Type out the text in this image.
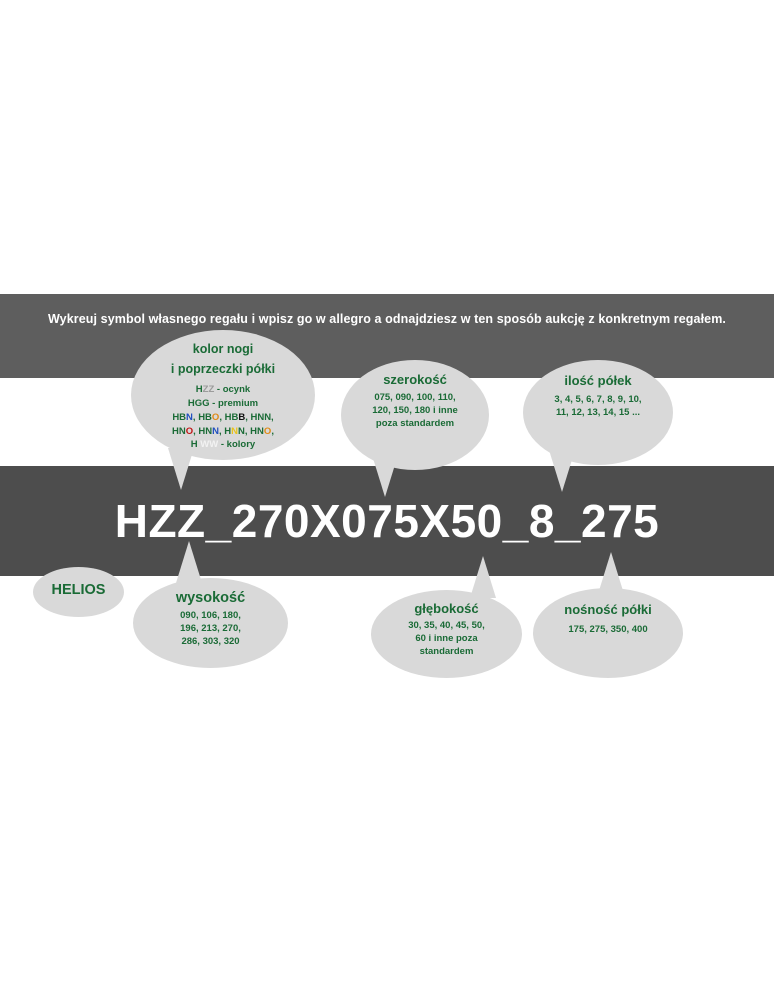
Wykreuj symbol własnego regału i wpisz go w allegro a odnajdziesz w ten sposób aukcję z konkretnym regałem.
kolor nogi
i poprzeczki półki
HZZ - ocynk
HGG - premium
HBN, HBO, HBB, HNN,
HNO, HNN, HNN, HNO,
H WW - kolory
szerokość
075, 090, 100, 110,
120, 150, 180 i inne
poza standardem
ilość półek
3, 4, 5, 6, 7, 8, 9, 10,
11, 12, 13, 14, 15 ...
HZZ_270X075X50_8_275
HELIOS	wysokość
090, 106, 180,
196, 213, 270,
286, 303, 320
głębokość
30, 35, 40, 45, 50,
60 i inne poza
standardem
nośność półki
175, 275, 350, 400
